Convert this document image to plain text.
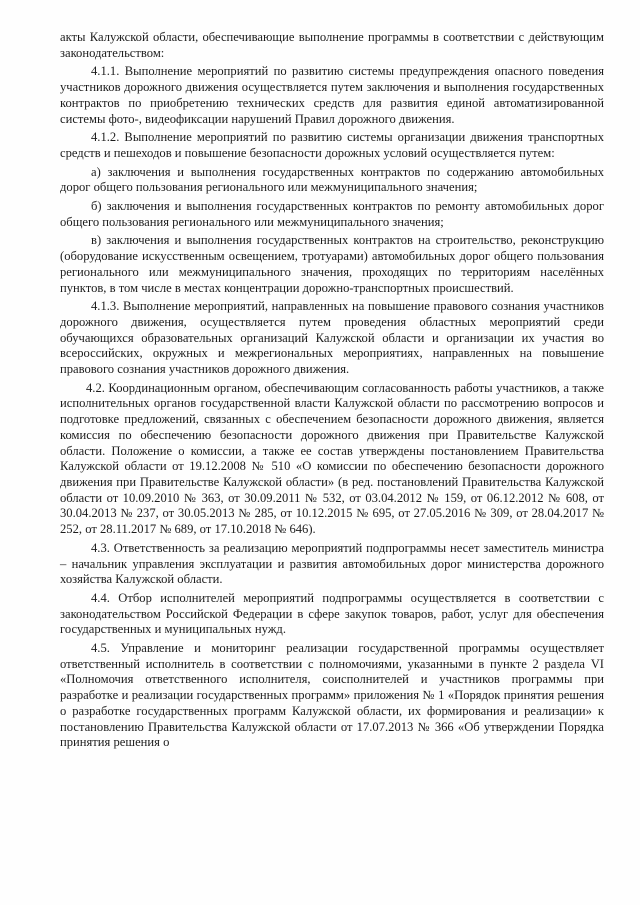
акты Калужской области, обеспечивающие выполнение программы в соответствии с действующим законодательством:

4.1.1. Выполнение мероприятий по развитию системы предупреждения опасного поведения участников дорожного движения осуществляется путем заключения и выполнения государственных контрактов по приобретению технических средств для развития единой автоматизированной системы фото-, видеофиксации нарушений Правил дорожного движения.

4.1.2. Выполнение мероприятий по развитию системы организации движения транспортных средств и пешеходов и повышение безопасности дорожных условий осуществляется путем:

а) заключения и выполнения государственных контрактов по содержанию автомобильных дорог общего пользования регионального или межмуниципального значения;

б) заключения и выполнения государственных контрактов по ремонту автомобильных дорог общего пользования регионального или межмуниципального значения;

в) заключения и выполнения государственных контрактов на строительство, реконструкцию (оборудование искусственным освещением, тротуарами) автомобильных дорог общего пользования регионального или межмуниципального значения, проходящих по территориям населённых пунктов, в том числе в местах концентрации дорожно-транспортных происшествий.

4.1.3. Выполнение мероприятий, направленных на повышение правового сознания участников дорожного движения, осуществляется путем проведения областных мероприятий среди обучающихся образовательных организаций Калужской области и организации их участия во всероссийских, окружных и межрегиональных мероприятиях, направленных на повышение правового сознания участников дорожного движения.

4.2. Координационным органом, обеспечивающим согласованность работы участников, а также исполнительных органов государственной власти Калужской области по рассмотрению вопросов и подготовке предложений, связанных с обеспечением безопасности дорожного движения, является комиссия по обеспечению безопасности дорожного движения при Правительстве Калужской области. Положение о комиссии, а также ее состав утверждены постановлением Правительства Калужской области от 19.12.2008 № 510 «О комиссии по обеспечению безопасности дорожного движения при Правительстве Калужской области» (в ред. постановлений Правительства Калужской области от 10.09.2010 № 363, от 30.09.2011 № 532, от 03.04.2012 № 159, от 06.12.2012 № 608, от 30.04.2013 № 237, от 30.05.2013 № 285, от 10.12.2015 № 695, от 27.05.2016 № 309, от 28.04.2017 № 252, от 28.11.2017 № 689, от 17.10.2018 № 646).

4.3. Ответственность за реализацию мероприятий подпрограммы несет заместитель министра – начальник управления эксплуатации и развития автомобильных дорог министерства дорожного хозяйства Калужской области.

4.4. Отбор исполнителей мероприятий подпрограммы осуществляется в соответствии с законодательством Российской Федерации в сфере закупок товаров, работ, услуг для обеспечения государственных и муниципальных нужд.

4.5. Управление и мониторинг реализации государственной программы осуществляет ответственный исполнитель в соответствии с полномочиями, указанными в пункте 2 раздела VI «Полномочия ответственного исполнителя, соисполнителей и участников программы при разработке и реализации государственных программ» приложения № 1 «Порядок принятия решения о разработке государственных программ Калужской области, их формирования и реализации» к постановлению Правительства Калужской области от 17.07.2013 № 366 «Об утверждении Порядка принятия решения о
